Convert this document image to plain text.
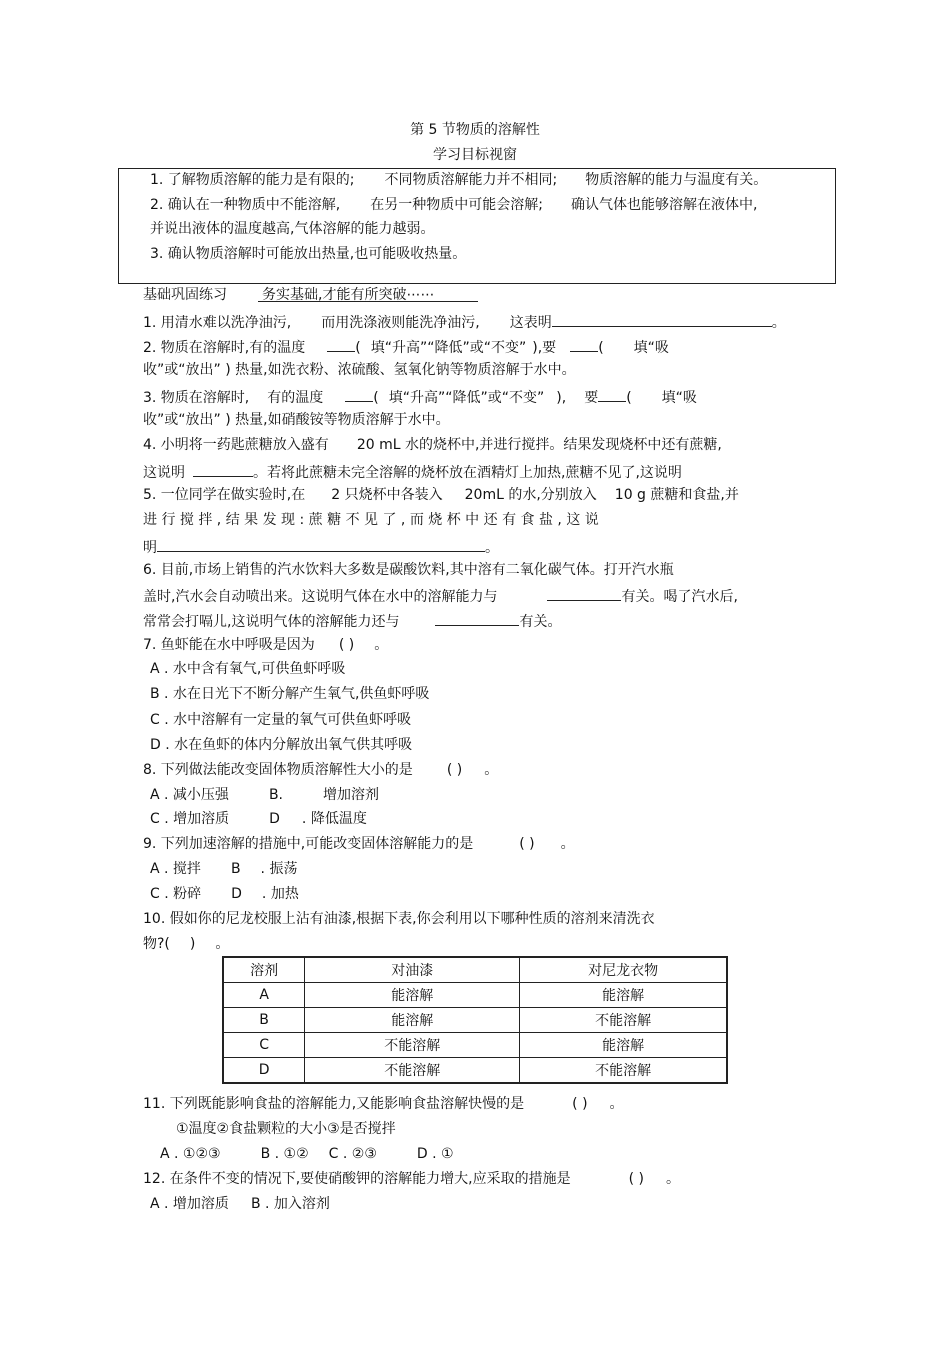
第 5 节物质的溶解性
学习目标视窗
1. 了解物质溶解的能力是有限的; 不同物质溶解能力并不相同; 物质溶解的能力与温度有关。
2. 确认在一种物质中不能溶解, 在另一种物质中可能会溶解; 确认气体也能够溶解在液体中,
并说出液体的温度越高,气体溶解的能力越弱。
3. 确认物质溶解时可能放出热量,也可能吸收热量。
基础巩固练习	务实基础,才能有所突破⋯⋯
1. 用清水难以洗净油污, 而用洗涤液则能洗净油污, 这表明	。
2. 物质在溶解时,有的温度	( 填“升高”“降低”或“不变” ),要	( 填“吸
收”或“放出” ) 热量,如洗衣粉、浓硫酸、氢氧化钠等物质溶解于水中。
3. 物质在溶解时, 有的温度	( 填“升高”“降低”或“不变” ), 要 ( 填“吸
收”或“放出” ) 热量,如硝酸铵等物质溶解于水中。
4. 小明将一药匙蔗糖放入盛有 20 mL 水的烧杯中,并进行搅拌。结果发现烧杯中还有蔗糖,
这说明	。若将此蔗糖未完全溶解的烧杯放在酒精灯上加热,蔗糖不见了,这说明
5. 一位同学在做实验时,在 2 只烧杯中各装入 20mL 的水,分别放入 10 g 蔗糖和食盐,并
进 行 搅 拌 , 结 果 发 现 : 蔗 糖 不 见 了 , 而 烧 杯 中 还 有 食 盐 , 这 说
明	。
6. 目前,市场上销售的汽水饮料大多数是碳酸饮料,其中溶有二氧化碳气体。打开汽水瓶
盖时,汽水会自动喷出来。这说明气体在水中的溶解能力与	有关。喝了汽水后,
常常会打嗝儿,这说明气体的溶解能力还与	有关。
7. 鱼虾能在水中呼吸是因为 ( ) 。
A . 水中含有氧气,可供鱼虾呼吸
B . 水在日光下不断分解产生氧气,供鱼虾呼吸
C . 水中溶解有一定量的氧气可供鱼虾呼吸
D . 水在鱼虾的体内分解放出氧气供其呼吸
8. 下列做法能改变固体物质溶解性大小的是 ( ) 。
A . 减小压强	B.	增加溶剂
C . 增加溶质	D . 降低温度
9. 下列加速溶解的措施中,可能改变固体溶解能力的是	( ) 。
A . 搅拌 B . 振荡
C . 粉碎 D . 加热
10. 假如你的尼龙校服上沾有油漆,根据下表,你会利用以下哪种性质的溶剂来清洗衣
物?( ) 。
溶剂	对油漆	对尼龙衣物
A	能溶解	能溶解
B	能溶解	不能溶解
C	不能溶解	能溶解
D	不能溶解	不能溶解
11. 下列既能影响食盐的溶解能力,又能影响食盐溶解快慢的是	( ) 。
①温度②食盐颗粒的大小③是否搅拌
A . ①②③	B . ①② C . ②③	D . ①
12. 在条件不变的情况下,要使硝酸钾的溶解能力增大,应采取的措施是	( ) 。
A . 增加溶质 B . 加入溶剂
